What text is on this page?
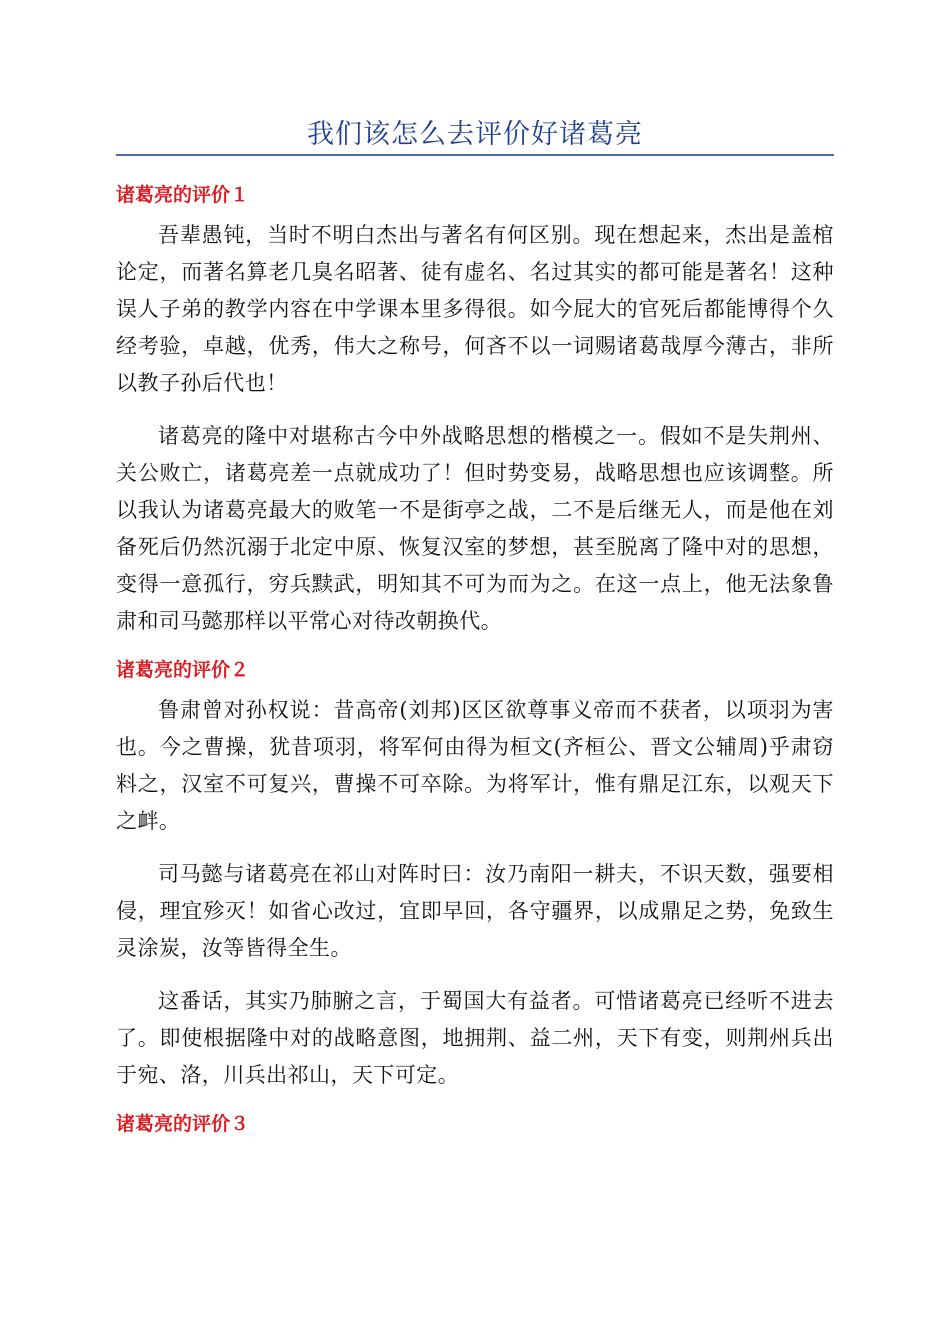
我们该怎么去评价好诸葛亮
诸葛亮的评价１

吾辈愚钝，当时不明白杰出与著名有何区别。现在想起来，杰出是盖棺论定，而著名算老几臭名昭著、徒有虚名、名过其实的都可能是著名！这种误人子弟的教学内容在中学课本里多得很。如今屁大的官死后都能博得个久经考验，卓越，优秀，伟大之称号，何吝不以一词赐诸葛哉厚今薄古，非所以教子孙后代也！

诸葛亮的隆中对堪称古今中外战略思想的楷模之一。假如不是失荆州、关公败亡，诸葛亮差一点就成功了！但时势变易，战略思想也应该调整。所以我认为诸葛亮最大的败笔一不是街亭之战，二不是后继无人，而是他在刘备死后仍然沉溺于北定中原、恢复汉室的梦想，甚至脱离了隆中对的思想，变得一意孤行，穷兵黩武，明知其不可为而为之。在这一点上，他无法象鲁肃和司马懿那样以平常心对待改朝换代。

诸葛亮的评价２

鲁肃曾对孙权说：昔高帝(刘邦)区区欲尊事义帝而不获者，以项羽为害也。今之曹操，犹昔项羽，将军何由得为桓文(齐桓公、晋文公辅周)乎肃窃料之，汉室不可复兴，曹操不可卒除。为将军计，惟有鼎足江东，以观天下之衅。

司马懿与诸葛亮在祁山对阵时曰：汝乃南阳一耕夫，不识天数，强要相侵，理宜殄灭！如省心改过，宜即早回，各守疆界，以成鼎足之势，免致生灵涂炭，汝等皆得全生。

这番话，其实乃肺腑之言，于蜀国大有益者。可惜诸葛亮已经听不进去了。即使根据隆中对的战略意图，地拥荆、益二州，天下有变，则荆州兵出于宛、洛，川兵出祁山，天下可定。

诸葛亮的评价３
